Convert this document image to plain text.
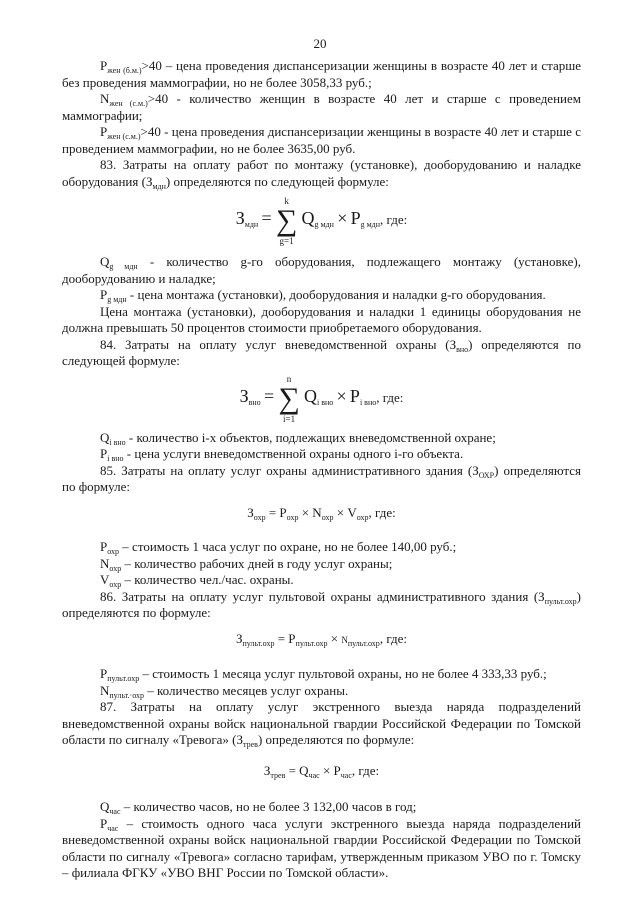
20

$P_{жен (б.м.)}>40$ – цена проведения диспансеризации женщины в возрасте 40 лет и старше без проведения маммографии, но не более 3058,33 руб.;

$N_{жен (с.м.)}>40$ - количество женщин в возрасте 40 лет и старше с проведением маммографии;

$P_{жен (с.м.)}>40$ - цена проведения диспансеризации женщины в возрасте 40 лет и старше с проведением маммографии, но не более 3635,00 руб.

83. Затраты на оплату работ по монтажу (установке), дооборудованию и наладке оборудования $(З_{мдн})$ определяются по следующей формуле:

$З_{мдн}$ =
k
∑
g=1
$Q_{g мдн} \times P_{g мдн}$, где:

$Q_{g мдн}$ - количество g-го оборудования, подлежащего монтажу (установке), дооборудованию и наладке;

$P_{g мдн}$ - цена монтажа (установки), дооборудования и наладки g-го оборудования.

Цена монтажа (установки), дооборудования и наладки 1 единицы оборудования не должна превышать 50 процентов стоимости приобретаемого оборудования.

84. Затраты на оплату услуг вневедомственной охраны $(З_{вно})$ определяются по следующей формуле:

$З_{вно}$ =
n
∑
i=1
$Q_{i вно} \times P_{i вно}$, где:

$Q_{i вно}$ - количество i-х объектов, подлежащих вневедомственной охране;

$P_{i вно}$ - цена услуги вневедомственной охраны одного i-го объекта.

85. Затраты на оплату услуг охраны административного здания $(З_{ОХР})$ определяются по формуле:

$З_{охр} = P_{охр} \times N_{охр} \times V_{охр}$, где:

$P_{охр}$ – стоимость 1 часа услуг по охране, но не более 140,00 руб.;

$N_{охр}$ – количество рабочих дней в году услуг охраны;

$V_{охр}$ – количество чел./час. охраны.

86. Затраты на оплату услуг пультовой охраны административного здания $(З_{пульт.охр})$ определяются по формуле:

$З_{пульт.охр} = P_{пульт.охр} \times N_{пульт.охр}$, где:

$P_{пульт.охр}$ – стоимость 1 месяца услуг пультовой охраны, но не более 4 333,33 руб.;

$N_{пульт.\cdot охр}$ – количество месяцев услуг охраны.

87. Затраты на оплату услуг экстренного выезда наряда подразделений вневедомственной охраны войск национальной гвардии Российской Федерации по Томской области по сигналу «Тревога» $(З_{трев})$ определяются по формуле:

$З_{трев} = Q_{час} \times P_{час}$, где:

$Q_{час}$ – количество часов, но не более 3 132,00 часов в год;

$P_{час}$ – стоимость одного часа услуги экстренного выезда наряда подразделений вневедомственной охраны войск национальной гвардии Российской Федерации по Томской области по сигналу «Тревога» согласно тарифам, утвержденным приказом УВО по г. Томску – филиала ФГКУ «УВО ВНГ России по Томской области».
